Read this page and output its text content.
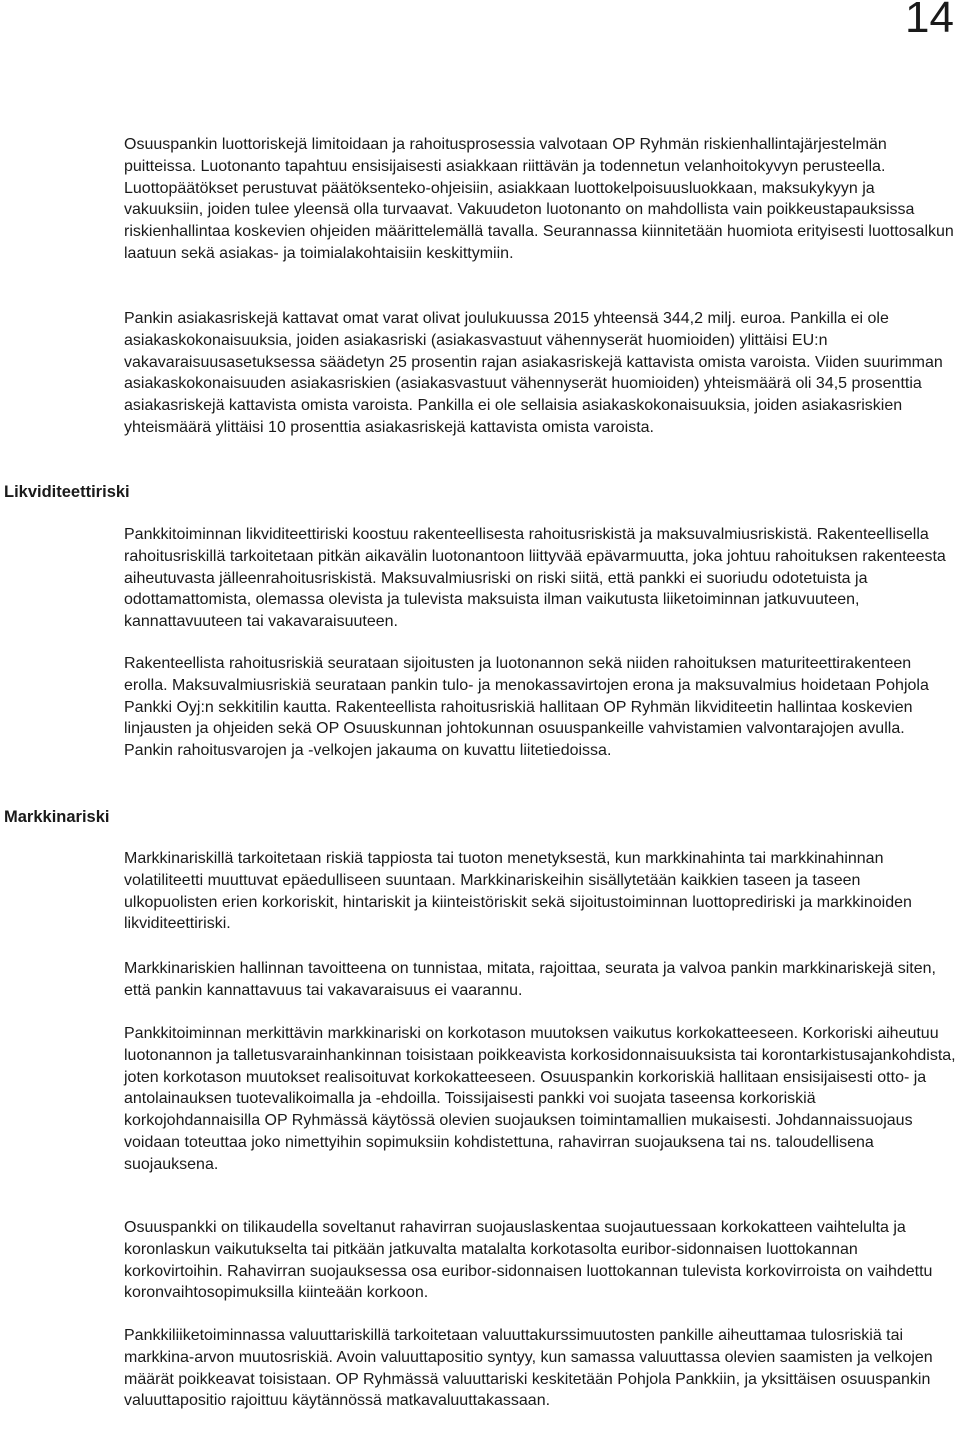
14
Likviditeettiriski
Markkinariski

Osuuspankin luottoriskejä limitoidaan ja rahoitusprosessia valvotaan OP Ryhmän riskienhallintajärjestelmän puitteissa. Luotonanto tapahtuu ensisijaisesti asiakkaan riittävän ja todennetun velanhoitokyvyn perusteella. Luottopäätökset perustuvat päätöksenteko-ohjeisiin, asiakkaan luottokelpoisuusluokkaan, maksukykyyn ja vakuuksiin, joiden tulee yleensä olla turvaavat. Vakuudeton luotonanto on mahdollista vain poikkeustapauksissa riskienhallintaa koskevien ohjeiden määrittelemällä tavalla. Seurannassa kiinnitetään huomiota erityisesti luottosalkun laatuun sekä asiakas- ja toimialakohtaisiin keskittymiin.

Pankin asiakasriskejä kattavat omat varat olivat joulukuussa 2015 yhteensä 344,2 milj. euroa. Pankilla ei ole asiakaskokonaisuuksia, joiden asiakasriski (asiakasvastuut vähennyserät huomioiden) ylittäisi EU:n vakavaraisuusasetuksessa säädetyn 25 prosentin rajan asiakasriskejä kattavista omista varoista. Viiden suurimman asiakaskokonaisuuden asiakasriskien (asiakasvastuut vähennyserät huomioiden) yhteismäärä oli 34,5 prosenttia asiakasriskejä kattavista omista varoista. Pankilla ei ole sellaisia asiakaskokonaisuuksia, joiden asiakasriskien yhteismäärä ylittäisi 10 prosenttia asiakasriskejä kattavista omista varoista.

Pankkitoiminnan likviditeettiriski koostuu rakenteellisesta rahoitusriskistä ja maksuvalmiusriskistä. Rakenteellisella rahoitusriskillä tarkoitetaan pitkän aikavälin luotonantoon liittyvää epävarmuutta, joka johtuu rahoituksen rakenteesta aiheutuvasta jälleenrahoitusriskistä. Maksuvalmiusriski on riski siitä, että pankki ei suoriudu odotetuista ja odottamattomista, olemassa olevista ja tulevista maksuista ilman vaikutusta liiketoiminnan jatkuvuuteen, kannattavuuteen tai vakavaraisuuteen.

Rakenteellista rahoitusriskiä seurataan sijoitusten ja luotonannon sekä niiden rahoituksen maturiteettirakenteen erolla. Maksuvalmiusriskiä seurataan pankin tulo- ja menokassavirtojen erona ja maksuvalmius hoidetaan Pohjola Pankki Oyj:n sekkitilin kautta. Rakenteellista rahoitusriskiä hallitaan OP Ryhmän likviditeetin hallintaa koskevien linjausten ja ohjeiden sekä OP Osuuskunnan johtokunnan osuuspankeille vahvistamien valvontarajojen avulla. Pankin rahoitusvarojen ja -velkojen jakauma on kuvattu liitetiedoissa.

Markkinariskillä tarkoitetaan riskiä tappiosta tai tuoton menetyksestä, kun markkinahinta tai markkinahinnan volatiliteetti muuttuvat epäedulliseen suuntaan. Markkinariskeihin sisällytetään kaikkien taseen ja taseen ulkopuolisten erien korkoriskit, hintariskit ja kiinteistöriskit sekä sijoitustoiminnan luottoprediriski ja markkinoiden likviditeettiriski.

Markkinariskien hallinnan tavoitteena on tunnistaa, mitata, rajoittaa, seurata ja valvoa pankin markkinariskejä siten, että pankin kannattavuus tai vakavaraisuus ei vaarannu.

Pankkitoiminnan merkittävin markkinariski on korkotason muutoksen vaikutus korkokatteeseen. Korkoriski aiheutuu luotonannon ja talletusvarainhankinnan toisistaan poikkeavista korkosidonnaisuuksista tai korontarkistusajankohdista, joten korkotason muutokset realisoituvat korkokatteeseen. Osuuspankin korkoriskiä hallitaan ensisijaisesti otto- ja antolainauksen tuotevalikoimalla ja -ehdoilla. Toissijaisesti pankki voi suojata taseensa korkoriskiä korkojohdannaisilla OP Ryhmässä käytössä olevien suojauksen toimintamallien mukaisesti. Johdannaissuojaus voidaan toteuttaa joko nimettyihin sopimuksiin kohdistettuna, rahavirran suojauksena tai ns. taloudellisena suojauksena.

Osuuspankki on tilikaudella soveltanut rahavirran suojauslaskentaa suojautuessaan korkokatteen vaihtelulta ja koronlaskun vaikutukselta tai pitkään jatkuvalta matalalta korkotasolta euribor-sidonnaisen luottokannan korkovirtoihin. Rahavirran suojauksessa osa euribor-sidonnaisen luottokannan tulevista korkovirroista on vaihdettu koronvaihtosopimuksilla kiinteään korkoon.

Pankkiliiketoiminnassa valuuttariskillä tarkoitetaan valuuttakurssimuutosten pankille aiheuttamaa tulosriskiä tai markkina-arvon muutosriskiä. Avoin valuuttapositio syntyy, kun samassa valuuttassa olevien saamisten ja velkojen määrät poikkeavat toisistaan. OP Ryhmässä valuuttariski keskitetään Pohjola Pankkiin, ja yksittäisen osuuspankin valuuttapositio rajoittuu käytännössä matkavaluuttakassaan.
